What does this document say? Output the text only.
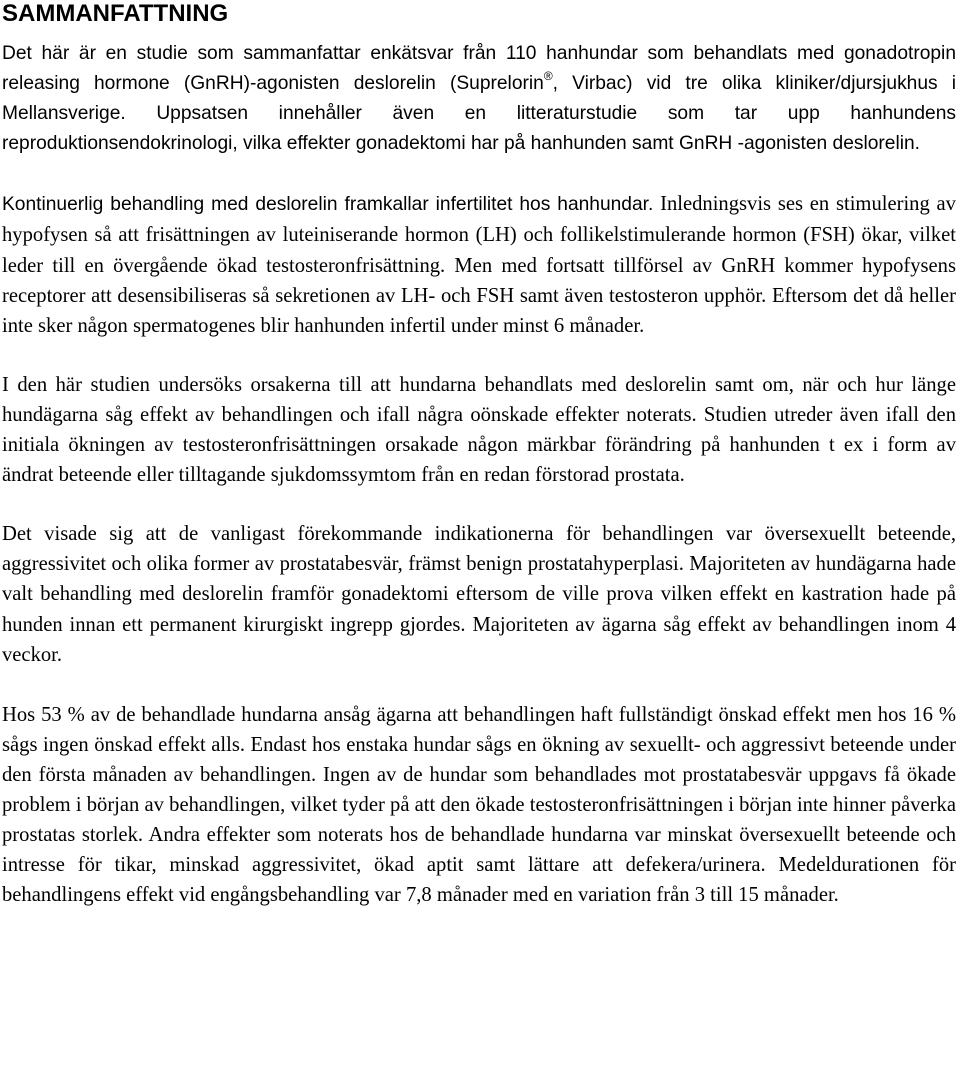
SAMMANFATTNING

Det här är en studie som sammanfattar enkätsvar från 110 hanhundar som behandlats med gonadotropin releasing hormone (GnRH)-agonisten deslorelin (Suprelorin®, Virbac) vid tre olika kliniker/djursjukhus i Mellansverige. Uppsatsen innehåller även en litteraturstudie som tar upp hanhundens reproduktionsendokrinologi, vilka effekter gonadektomi har på hanhunden samt GnRH -agonisten deslorelin.

Kontinuerlig behandling med deslorelin framkallar infertilitet hos hanhundar. Inledningsvis ses en stimulering av hypofysen så att frisättningen av luteiniserande hormon (LH) och follikelstimulerande hormon (FSH) ökar, vilket leder till en övergående ökad testosteronfrisättning. Men med fortsatt tillförsel av GnRH kommer hypofysens receptorer att desensibiliseras så sekretionen av LH- och FSH samt även testosteron upphör. Eftersom det då heller inte sker någon spermatogenes blir hanhunden infertil under minst 6 månader.

I den här studien undersöks orsakerna till att hundarna behandlats med deslorelin samt om, när och hur länge hundägarna såg effekt av behandlingen och ifall några oönskade effekter noterats. Studien utreder även ifall den initiala ökningen av testosteronfrisättningen orsakade någon märkbar förändring på hanhunden t ex i form av ändrat beteende eller tilltagande sjukdomssymtom från en redan förstorad prostata.

Det visade sig att de vanligast förekommande indikationerna för behandlingen var översexuellt beteende, aggressivitet och olika former av prostatabesvär, främst benign prostatahyperplasi. Majoriteten av hundägarna hade valt behandling med deslorelin framför gonadektomi eftersom de ville prova vilken effekt en kastration hade på hunden innan ett permanent kirurgiskt ingrepp gjordes. Majoriteten av ägarna såg effekt av behandlingen inom 4 veckor.

Hos 53 % av de behandlade hundarna ansåg ägarna att behandlingen haft fullständigt önskad effekt men hos 16 % sågs ingen önskad effekt alls. Endast hos enstaka hundar sågs en ökning av sexuellt- och aggressivt beteende under den första månaden av behandlingen. Ingen av de hundar som behandlades mot prostatabesvär uppgavs få ökade problem i början av behandlingen, vilket tyder på att den ökade testosteronfrisättningen i början inte hinner påverka prostatas storlek. Andra effekter som noterats hos de behandlade hundarna var minskat översexuellt beteende och intresse för tikar, minskad aggressivitet, ökad aptit samt lättare att defekera/urinera. Medeldurationen för behandlingens effekt vid engångsbehandling var 7,8 månader med en variation från 3 till 15 månader.
